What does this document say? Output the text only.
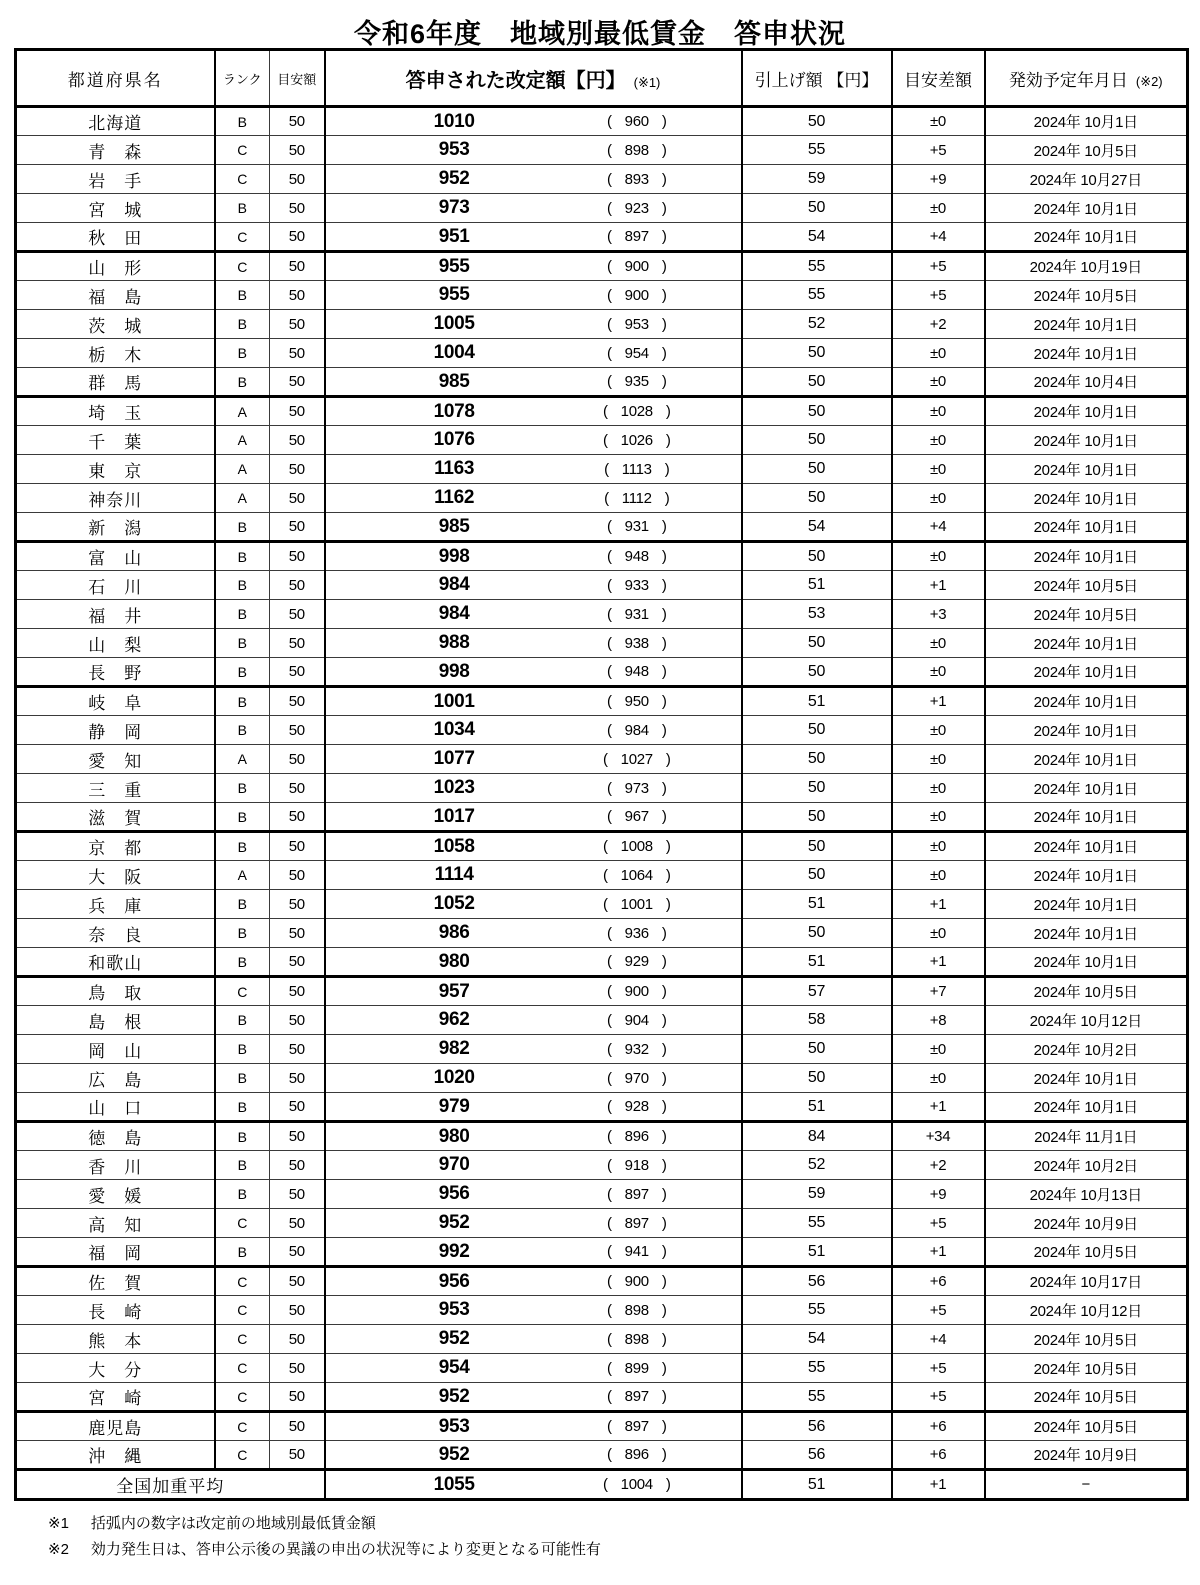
令和6年度　地域別最低賃金　答申状況
都道府県名	ランク	目安額	答申された改定額【円】 (※1)	引上げ額 【円】	目安差額	発効予定年月日 (※2)
北海道	B	50	1010 ( 960 )	50	±0	2024年 10月1日
青　森	C	50	953 ( 898 )	55	+5	2024年 10月5日
岩　手	C	50	952 ( 893 )	59	+9	2024年 10月27日
宮　城	B	50	973 ( 923 )	50	±0	2024年 10月1日
秋　田	C	50	951 ( 897 )	54	+4	2024年 10月1日
山　形	C	50	955 ( 900 )	55	+5	2024年 10月19日
福　島	B	50	955 ( 900 )	55	+5	2024年 10月5日
茨　城	B	50	1005 ( 953 )	52	+2	2024年 10月1日
栃　木	B	50	1004 ( 954 )	50	±0	2024年 10月1日
群　馬	B	50	985 ( 935 )	50	±0	2024年 10月4日
埼　玉	A	50	1078 ( 1028 )	50	±0	2024年 10月1日
千　葉	A	50	1076 ( 1026 )	50	±0	2024年 10月1日
東　京	A	50	1163 ( 1113 )	50	±0	2024年 10月1日
神奈川	A	50	1162 ( 1112 )	50	±0	2024年 10月1日
新　潟	B	50	985 ( 931 )	54	+4	2024年 10月1日
富　山	B	50	998 ( 948 )	50	±0	2024年 10月1日
石　川	B	50	984 ( 933 )	51	+1	2024年 10月5日
福　井	B	50	984 ( 931 )	53	+3	2024年 10月5日
山　梨	B	50	988 ( 938 )	50	±0	2024年 10月1日
長　野	B	50	998 ( 948 )	50	±0	2024年 10月1日
岐　阜	B	50	1001 ( 950 )	51	+1	2024年 10月1日
静　岡	B	50	1034 ( 984 )	50	±0	2024年 10月1日
愛　知	A	50	1077 ( 1027 )	50	±0	2024年 10月1日
三　重	B	50	1023 ( 973 )	50	±0	2024年 10月1日
滋　賀	B	50	1017 ( 967 )	50	±0	2024年 10月1日
京　都	B	50	1058 ( 1008 )	50	±0	2024年 10月1日
大　阪	A	50	1114 ( 1064 )	50	±0	2024年 10月1日
兵　庫	B	50	1052 ( 1001 )	51	+1	2024年 10月1日
奈　良	B	50	986 ( 936 )	50	±0	2024年 10月1日
和歌山	B	50	980 ( 929 )	51	+1	2024年 10月1日
鳥　取	C	50	957 ( 900 )	57	+7	2024年 10月5日
島　根	B	50	962 ( 904 )	58	+8	2024年 10月12日
岡　山	B	50	982 ( 932 )	50	±0	2024年 10月2日
広　島	B	50	1020 ( 970 )	50	±0	2024年 10月1日
山　口	B	50	979 ( 928 )	51	+1	2024年 10月1日
徳　島	B	50	980 ( 896 )	84	+34	2024年 11月1日
香　川	B	50	970 ( 918 )	52	+2	2024年 10月2日
愛　媛	B	50	956 ( 897 )	59	+9	2024年 10月13日
高　知	C	50	952 ( 897 )	55	+5	2024年 10月9日
福　岡	B	50	992 ( 941 )	51	+1	2024年 10月5日
佐　賀	C	50	956 ( 900 )	56	+6	2024年 10月17日
長　崎	C	50	953 ( 898 )	55	+5	2024年 10月12日
熊　本	C	50	952 ( 898 )	54	+4	2024年 10月5日
大　分	C	50	954 ( 899 )	55	+5	2024年 10月5日
宮　崎	C	50	952 ( 897 )	55	+5	2024年 10月5日
鹿児島	C	50	953 ( 897 )	56	+6	2024年 10月5日
沖　縄	C	50	952 ( 896 )	56	+6	2024年 10月9日
全国加重平均			1055 ( 1004 )	51	+1	−
※1 括弧内の数字は改定前の地域別最低賃金額
※2 効力発生日は、答申公示後の異議の申出の状況等により変更となる可能性有
